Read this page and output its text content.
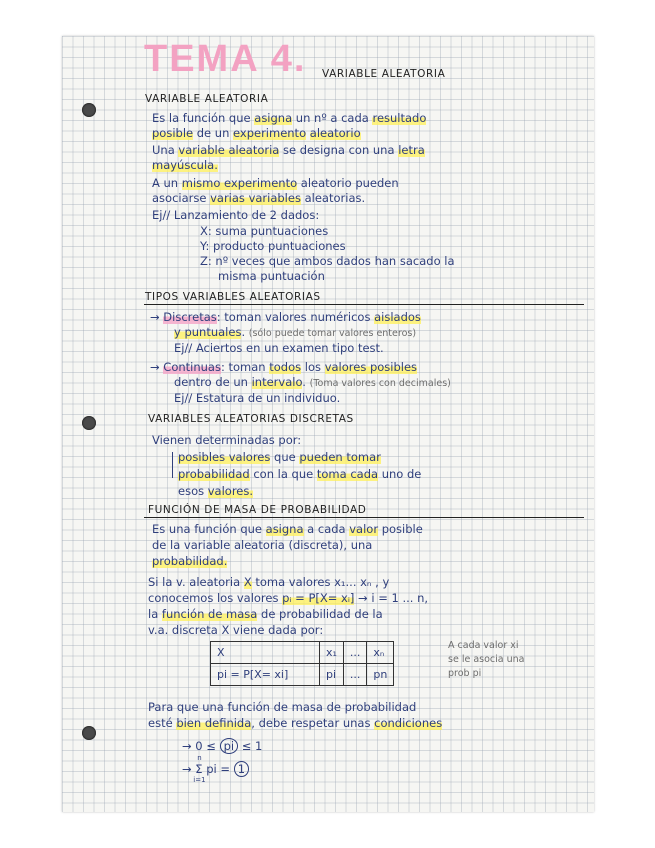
TEMA 4. VARIABLE ALEATORIA
VARIABLE ALEATORIA
Es la función que asigna un nº a cada resultado
posible de un experimento aleatorio
Una variable aleatoria se designa con una letra
mayúscula.
A un mismo experimento aleatorio pueden
asociarse varias variables aleatorias.
Ej// Lanzamiento de 2 dados:
X: suma puntuaciones
Y: producto puntuaciones
Z: nº veces que ambos dados han sacado la
misma puntuación
TIPOS VARIABLES ALEATORIAS
→ Discretas: toman valores numéricos aislados
y puntuales. (sólo puede tomar valores enteros)
Ej// Aciertos en un examen tipo test.
→ Continuas: toman todos los valores posibles
dentro de un intervalo. (Toma valores con decimales)
Ej// Estatura de un individuo.
VARIABLES ALEATORIAS DISCRETAS
Vienen determinadas por:
posibles valores que pueden tomar
probabilidad con la que toma cada uno de
esos valores.
FUNCIÓN DE MASA DE PROBABILIDAD
Es una función que asigna a cada valor posible
de la variable aleatoria (discreta), una
probabilidad.
Si la v. aleatoria X toma valores x₁... xₙ , y
conocemos los valores pᵢ = P[X= xᵢ] → i = 1 ... n,
la función de masa de probabilidad de la
v.a. discreta X viene dada por:
X	x₁	...	xₙ
pi = P[X= xi]	pi	...	pn
A cada valor xi
se le asocia una
prob pi
Para que una función de masa de probabilidad
esté bien definida, debe respetar unas condiciones
→ 0 ≤ pi ≤ 1
→
n
Σ
i=1
pi = 1
